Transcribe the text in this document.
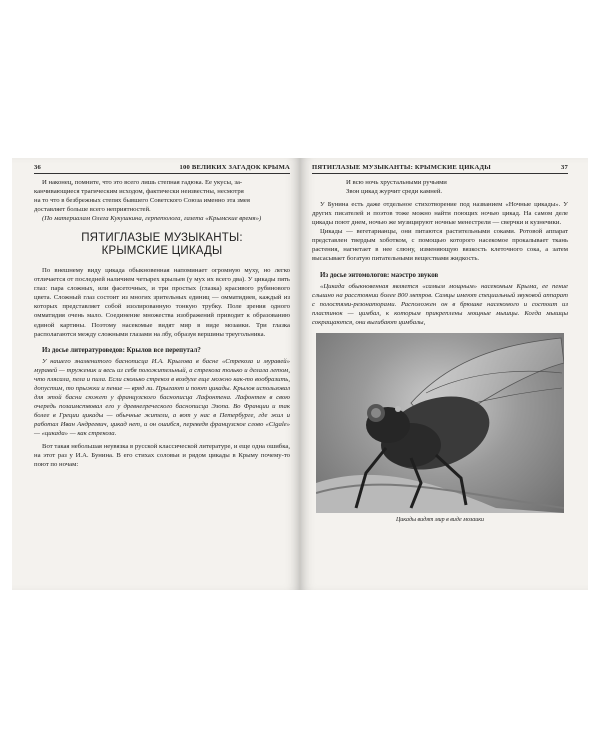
36	100 ВЕЛИКИХ ЗАГАДОК КРЫМА

И наконец, помните, что это всего лишь степная гадюка. Ее укусы, за-

канчивающиеся трагическим исходом, фактически неизвестны, несмотря

на то что в безбрежных степях бывшего Советского Союза именно эта змея

доставляет больше всего неприятностей.

(По материалам Олега Кукушкина, герпетолога, газета «Крымские время»)

ПЯТИГЛАЗЫЕ МУЗЫКАНТЫ:
КРЫМСКИЕ ЦИКАДЫ

По внешнему виду цикада обыкновенная напоминает огромную муху, но легко отличается от последней наличием четырех крыльев (у мух их всего два). У цикады пять глаз: пара сложных, или фасеточных, и три простых (глазка) красивого рубинового цвета. Сложный глаз состоит из многих зрительных единиц — омматидиев, каждый из которых представляет собой изолированную тонкую трубку. Поле зрения одного омматидия очень мало. Соединение множества изображений приводит к образованию единой картины. Поэтому насекомые видят мир в виде мозаики. Три глазка располагаются между сложными глазами на лбу, образуя вершины треугольника.

Из досье литературоведов: Крылов все перепутал?

У нашего знаменитого баснописца И.А. Крылова в басне «Стрекоза и муравей» муравей — труженик и весь из себя положительный, а стрекоза только и делала летом, что плясала, пела и пила. Если сколько стрекоз в воздухе еще можно как-то вообразить, допустим, то прыжки и пение — вряд ли. Прыгают и поют цикады. Крылов использовал для этой басни сюжет у французского баснописца Лафонтена. Лафонтен в свою очередь позаимствовал его у древнегреческого баснописца Эзопа. Во Франции и так более в Греции цикады — обычные жители, а вот у нас в Петербурге, где жил и работал Иван Андреевич, цикад нет, и он ошибся, переведя французское слово «Cigale» — «цикада» — как стрекоза.

Вот такая небольшая неувязка в русской классической литературе, и еще одна ошибка, на этот раз у И.А. Бунина. В его стихах соловьи и рядом цикады в Крыму почему-то поют по ночам:

ПЯТИГЛАЗЫЕ МУЗЫКАНТЫ: КРЫМСКИЕ ЦИКАДЫ	37
И всю ночь хрустальными ручьями
Звон цикад журчит среди камней.

У Бунина есть даже отдельное стихотворение под названием «Ночные цикады». У других писателей и поэтов тоже можно найти поющих ночью цикад. На самом деле цикады поют днем, ночью же музицируют ночные менестрели — сверчки и кузнечики.

Цикады — вегетарианцы, они питаются растительными соками. Ротовой аппарат представлен твердым хоботком, с помощью которого насекомое прокалывает ткань растения, нагнетает в нее слюну, изменяющую вязкость клеточного сока, а затем высасывает богатую питательными веществами жидкость.

Из досье энтомологов: маэстро звуков

«Цикада обыкновенная является «самым мощным» насекомым Крыма, ее пение слышно на расстоянии более 800 метров. Самцы имеют специальный звуковой аппарат с полостями-резонаторами. Расположен он в брюшке насекомого и состоит из пластинок — цимбал, к которым прикреплены мощные мышцы. Когда мышцы сокращаются, они выгибают цимбалы,

Цикады видят мир в виде мозаики
